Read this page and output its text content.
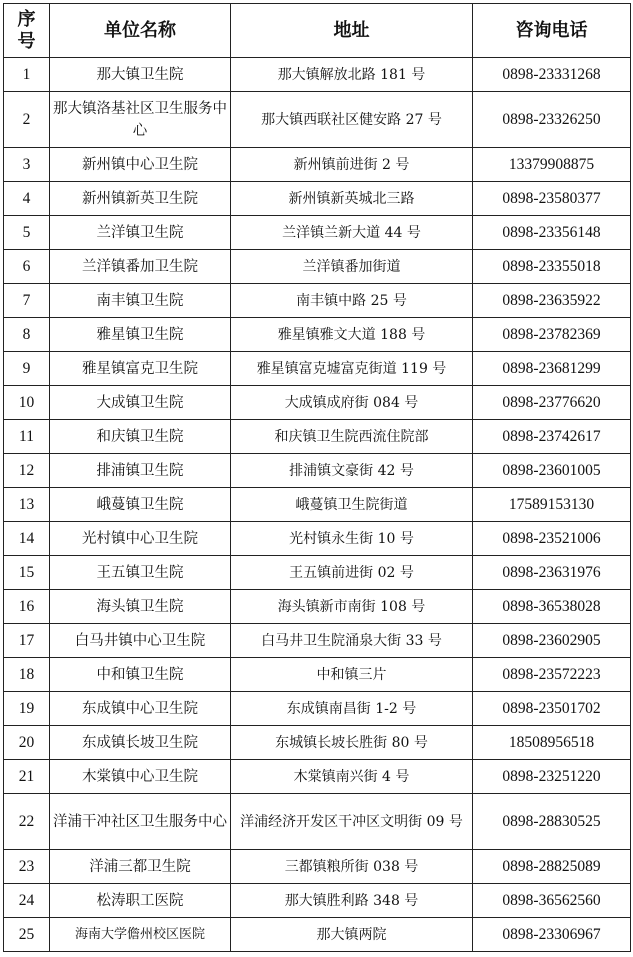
序
号	单位名称	地址	咨询电话
1	那大镇卫生院	那大镇解放北路 181 号	0898-23331268
2	那大镇洛基社区卫生服务中心	那大镇西联社区健安路 27 号	0898-23326250
3	新州镇中心卫生院	新州镇前进街 2 号	13379908875
4	新州镇新英卫生院	新州镇新英城北三路	0898-23580377
5	兰洋镇卫生院	兰洋镇兰新大道 44 号	0898-23356148
6	兰洋镇番加卫生院	兰洋镇番加街道	0898-23355018
7	南丰镇卫生院	南丰镇中路 25 号	0898-23635922
8	雅星镇卫生院	雅星镇雅文大道 188 号	0898-23782369
9	雅星镇富克卫生院	雅星镇富克墟富克街道 119 号	0898-23681299
10	大成镇卫生院	大成镇成府街 084 号	0898-23776620
11	和庆镇卫生院	和庆镇卫生院西流住院部	0898-23742617
12	排浦镇卫生院	排浦镇文豪街 42 号	0898-23601005
13	峨蔓镇卫生院	峨蔓镇卫生院街道	17589153130
14	光村镇中心卫生院	光村镇永生街 10 号	0898-23521006
15	王五镇卫生院	王五镇前进街 02 号	0898-23631976
16	海头镇卫生院	海头镇新市南街 108 号	0898-36538028
17	白马井镇中心卫生院	白马井卫生院涌泉大街 33 号	0898-23602905
18	中和镇卫生院	中和镇三片	0898-23572223
19	东成镇中心卫生院	东成镇南昌街 1-2 号	0898-23501702
20	东成镇长坡卫生院	东城镇长坡长胜街 80 号	18508956518
21	木棠镇中心卫生院	木棠镇南兴街 4 号	0898-23251220
22	洋浦干冲社区卫生服务中心	洋浦经济开发区干冲区文明街 09 号	0898-28830525
23	洋浦三都卫生院	三都镇粮所街 038 号	0898-28825089
24	松涛职工医院	那大镇胜利路 348 号	0898-36562560
25	海南大学儋州校区医院	那大镇两院	0898-23306967
